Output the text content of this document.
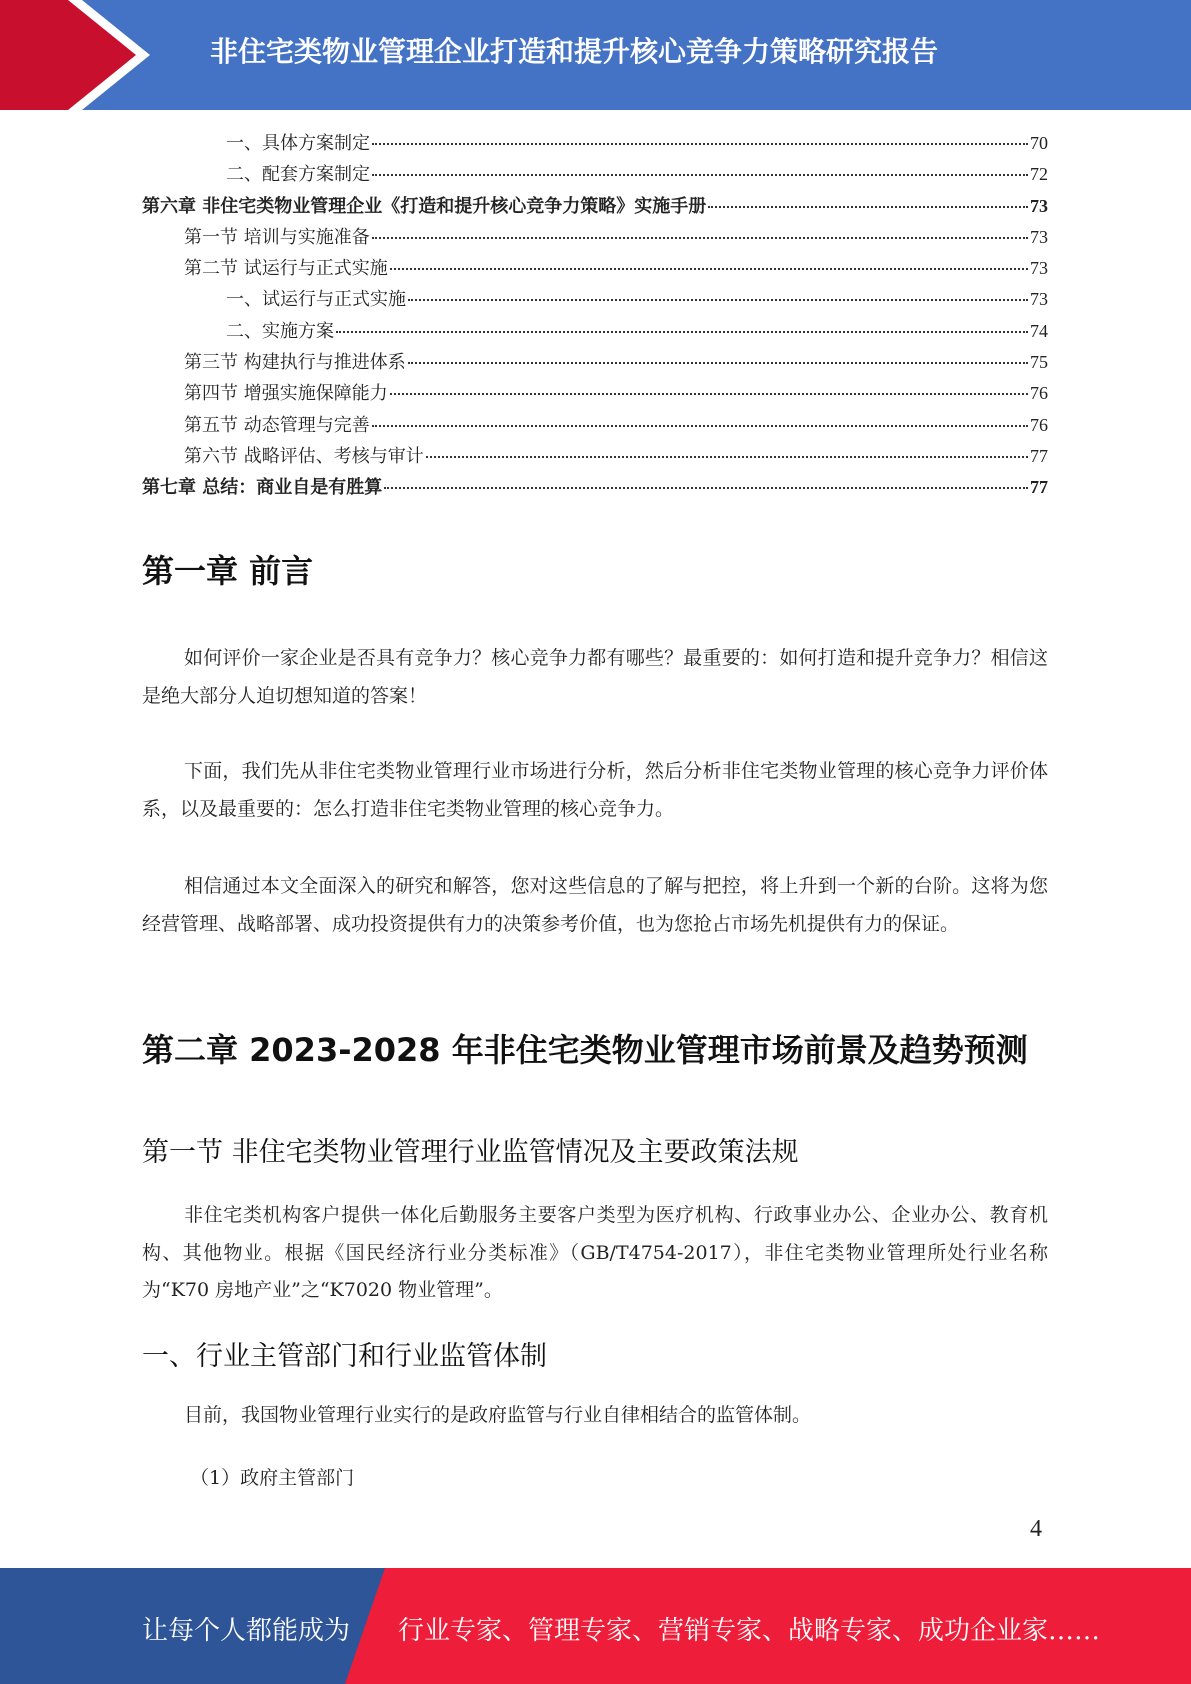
非住宅类物业管理企业打造和提升核心竞争力策略研究报告
一、具体方案制定	70
二、配套方案制定	72
第六章 非住宅类物业管理企业《打造和提升核心竞争力策略》实施手册	73
第一节 培训与实施准备	73
第二节 试运行与正式实施	73
一、试运行与正式实施	73
二、实施方案	74
第三节 构建执行与推进体系	75
第四节 增强实施保障能力	76
第五节 动态管理与完善	76
第六节 战略评估、考核与审计	77
第七章 总结：商业自是有胜算	77
第一章 前言

如何评价一家企业是否具有竞争力？核心竞争力都有哪些？最重要的：如何打造和提升竞争力？相信这是绝大部分人迫切想知道的答案！

下面，我们先从非住宅类物业管理行业市场进行分析，然后分析非住宅类物业管理的核心竞争力评价体系，以及最重要的：怎么打造非住宅类物业管理的核心竞争力。

相信通过本文全面深入的研究和解答，您对这些信息的了解与把控，将上升到一个新的台阶。这将为您经营管理、战略部署、成功投资提供有力的决策参考价值，也为您抢占市场先机提供有力的保证。

第二章 2023-2028 年非住宅类物业管理市场前景及趋势预测
第一节 非住宅类物业管理行业监管情况及主要政策法规

非住宅类机构客户提供一体化后勤服务主要客户类型为医疗机构、行政事业办公、企业办公、教育机构、其他物业。根据《国民经济行业分类标准》（GB/T4754-2017），非住宅类物业管理所处行业名称为“K70 房地产业”之“K7020 物业管理”。

一、行业主管部门和行业监管体制

目前，我国物业管理行业实行的是政府监管与行业自律相结合的监管体制。

（1）政府主管部门

4
让每个人都能成为 行业专家、管理专家、营销专家、战略专家、成功企业家……
